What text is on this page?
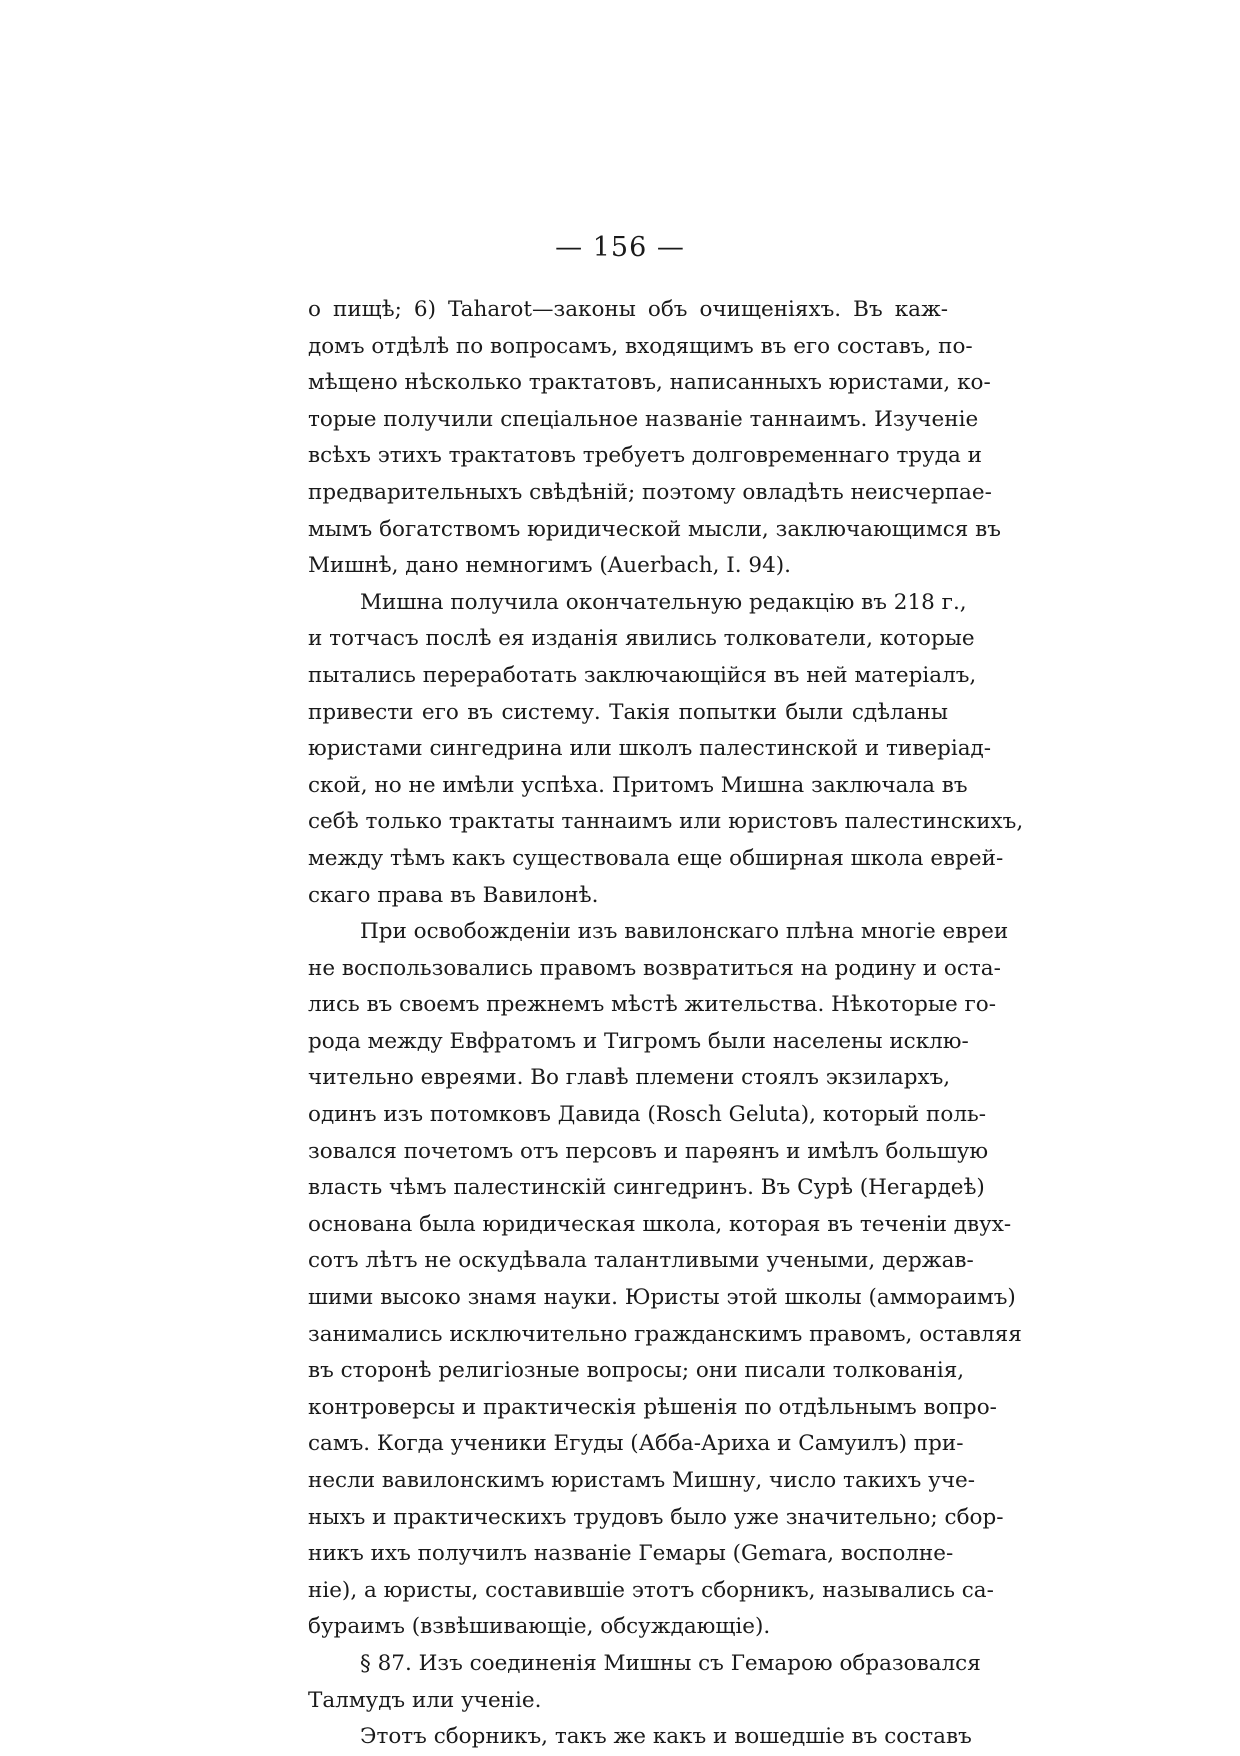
— 156 —
о пищѣ; 6) Taharot—законы объ очищеніяхъ. Въ каж-
домъ отдѣлѣ по вопросамъ, входящимъ въ его составъ, по-
мѣщено нѣсколько трактатовъ, написанныхъ юристами, ко-
торые получили спеціальное названіе таннаимъ. Изученіе
всѣхъ этихъ трактатовъ требуетъ долговременнаго труда и
предварительныхъ свѣдѣній; поэтому овладѣть неисчерпае-
мымъ богатствомъ юридической мысли, заключающимся въ
Мишнѣ, дано немногимъ (Auerbach, I. 94).
Мишна получила окончательную редакцію въ 218 г.,
и тотчасъ послѣ ея изданія явились толкователи, которые
пытались переработать заключающійся въ ней матеріалъ,
привести его въ систему. Такія попытки были сдѣланы
юристами сингедрина или школъ палестинской и тиверіад-
ской, но не имѣли успѣха. Притомъ Мишна заключала въ
себѣ только трактаты таннаимъ или юристовъ палестинскихъ,
между тѣмъ какъ существовала еще обширная школа еврей-
скаго права въ Вавилонѣ.
При освобожденіи изъ вавилонскаго плѣна многіе евреи
не воспользовались правомъ возвратиться на родину и оста-
лись въ своемъ прежнемъ мѣстѣ жительства. Нѣкоторые го-
рода между Евфратомъ и Тигромъ были населены исклю-
чительно евреями. Во главѣ племени стоялъ экзилархъ,
одинъ изъ потомковъ Давида (Rosch Geluta), который поль-
зовался почетомъ отъ персовъ и парѳянъ и имѣлъ большую
власть чѣмъ палестинскій сингедринъ. Въ Сурѣ (Негардеѣ)
основана была юридическая школа, которая въ теченіи двух-
сотъ лѣтъ не оскудѣвала талантливыми учеными, держав-
шими высоко знамя науки. Юристы этой школы (аммораимъ)
занимались исключительно гражданскимъ правомъ, оставляя
въ сторонѣ религіозные вопросы; они писали толкованія,
контроверсы и практическія рѣшенія по отдѣльнымъ вопро-
самъ. Когда ученики Егуды (Абба-Ариха и Самуилъ) при-
несли вавилонскимъ юристамъ Мишну, число такихъ уче-
ныхъ и практическихъ трудовъ было уже значительно; сбор-
никъ ихъ получилъ названіе Гемары (Gemara, восполне-
ніе), а юристы, составившіе этотъ сборникъ, назывались са-
бураимъ (взвѣшивающіе, обсуждающіе).
§ 87. Изъ соединенія Мишны съ Гемарою образовался
Талмудъ или ученіе.
Этотъ сборникъ, такъ же какъ и вошедшіе въ составъ
